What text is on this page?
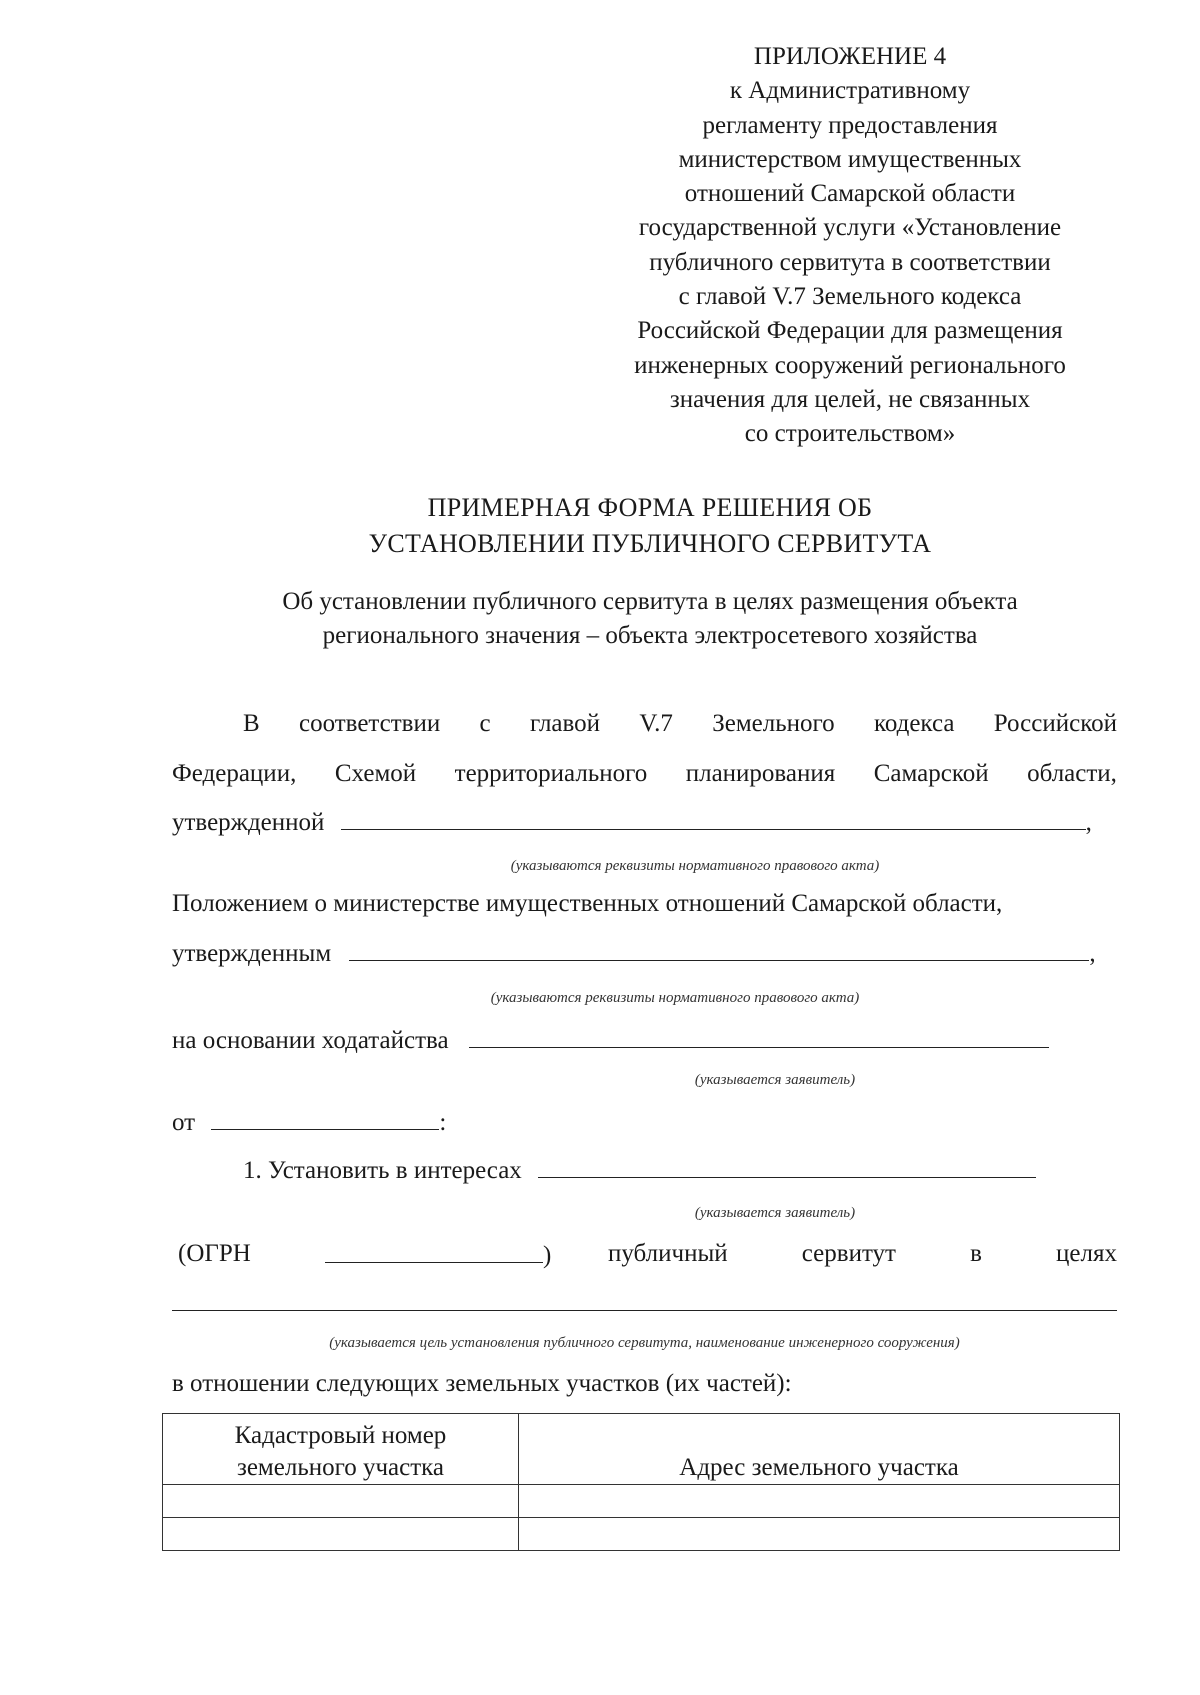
ПРИЛОЖЕНИЕ 4
к Административному
регламенту предоставления
министерством имущественных
отношений Самарской области
государственной услуги «Установление
публичного сервитута в соответствии
с главой V.7 Земельного кодекса
Российской Федерации для размещения
инженерных сооружений регионального
значения для целей, не связанных
со строительством»
ПРИМЕРНАЯ ФОРМА РЕШЕНИЯ ОБ
УСТАНОВЛЕНИИ ПУБЛИЧНОГО СЕРВИТУТА
Об установлении публичного сервитута в целях размещения объекта
регионального значения – объекта электросетевого хозяйства
В соответствии с главой V.7 Земельного кодекса Российской
Федерации, Схемой территориального планирования Самарской области,
утвержденной	,
(указываются реквизиты нормативного правового акта)
Положением о министерстве имущественных отношений Самарской области,
утвержденным	,
(указываются реквизиты нормативного правового акта)
на основании ходатайства
(указывается заявитель)
от	:
1. Установить в интересах
(указывается заявитель)
(ОГРН	) публичный	сервитут	в	целях
(указывается цель установления публичного сервитута, наименование инженерного сооружения)
в отношении следующих земельных участков (их частей):
Кадастровый номер
земельного участка	Адрес земельного участка
